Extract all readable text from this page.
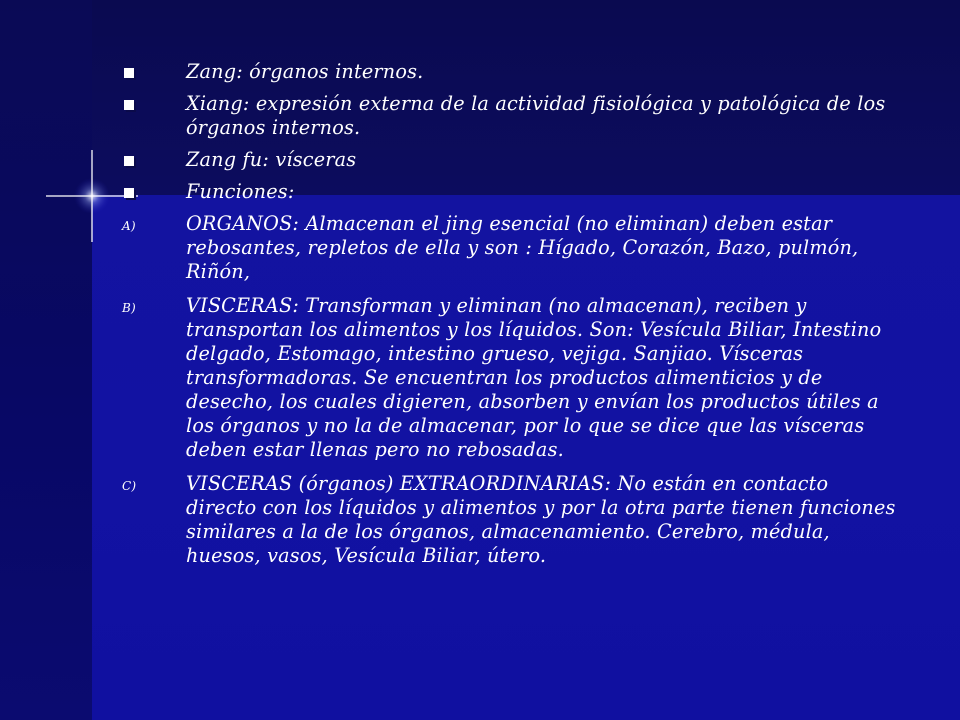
Zang: órganos internos.
Xiang: expresión externa de la actividad fisiológica y patológica de los órganos internos.
Zang fu: vísceras
Funciones:
A)	ORGANOS: Almacenan el jing esencial (no eliminan) deben estar rebosantes, repletos de ella y son : Hígado, Corazón, Bazo, pulmón, Riñón,
B)	VISCERAS: Transforman y eliminan (no almacenan), reciben y transportan los alimentos y los líquidos. Son: Vesícula Biliar, Intestino delgado, Estomago, intestino grueso, vejiga. Sanjiao. Vísceras transformadoras. Se encuentran los productos alimenticios y de desecho, los cuales digieren, absorben y envían los productos útiles a los órganos y no la de almacenar, por lo que se dice que las vísceras deben estar llenas pero no rebosadas.
C)	VISCERAS (órganos) EXTRAORDINARIAS: No están en contacto directo con los líquidos y alimentos y por la otra parte tienen funciones similares a la de los órganos, almacenamiento. Cerebro, médula, huesos, vasos, Vesícula Biliar, útero.
